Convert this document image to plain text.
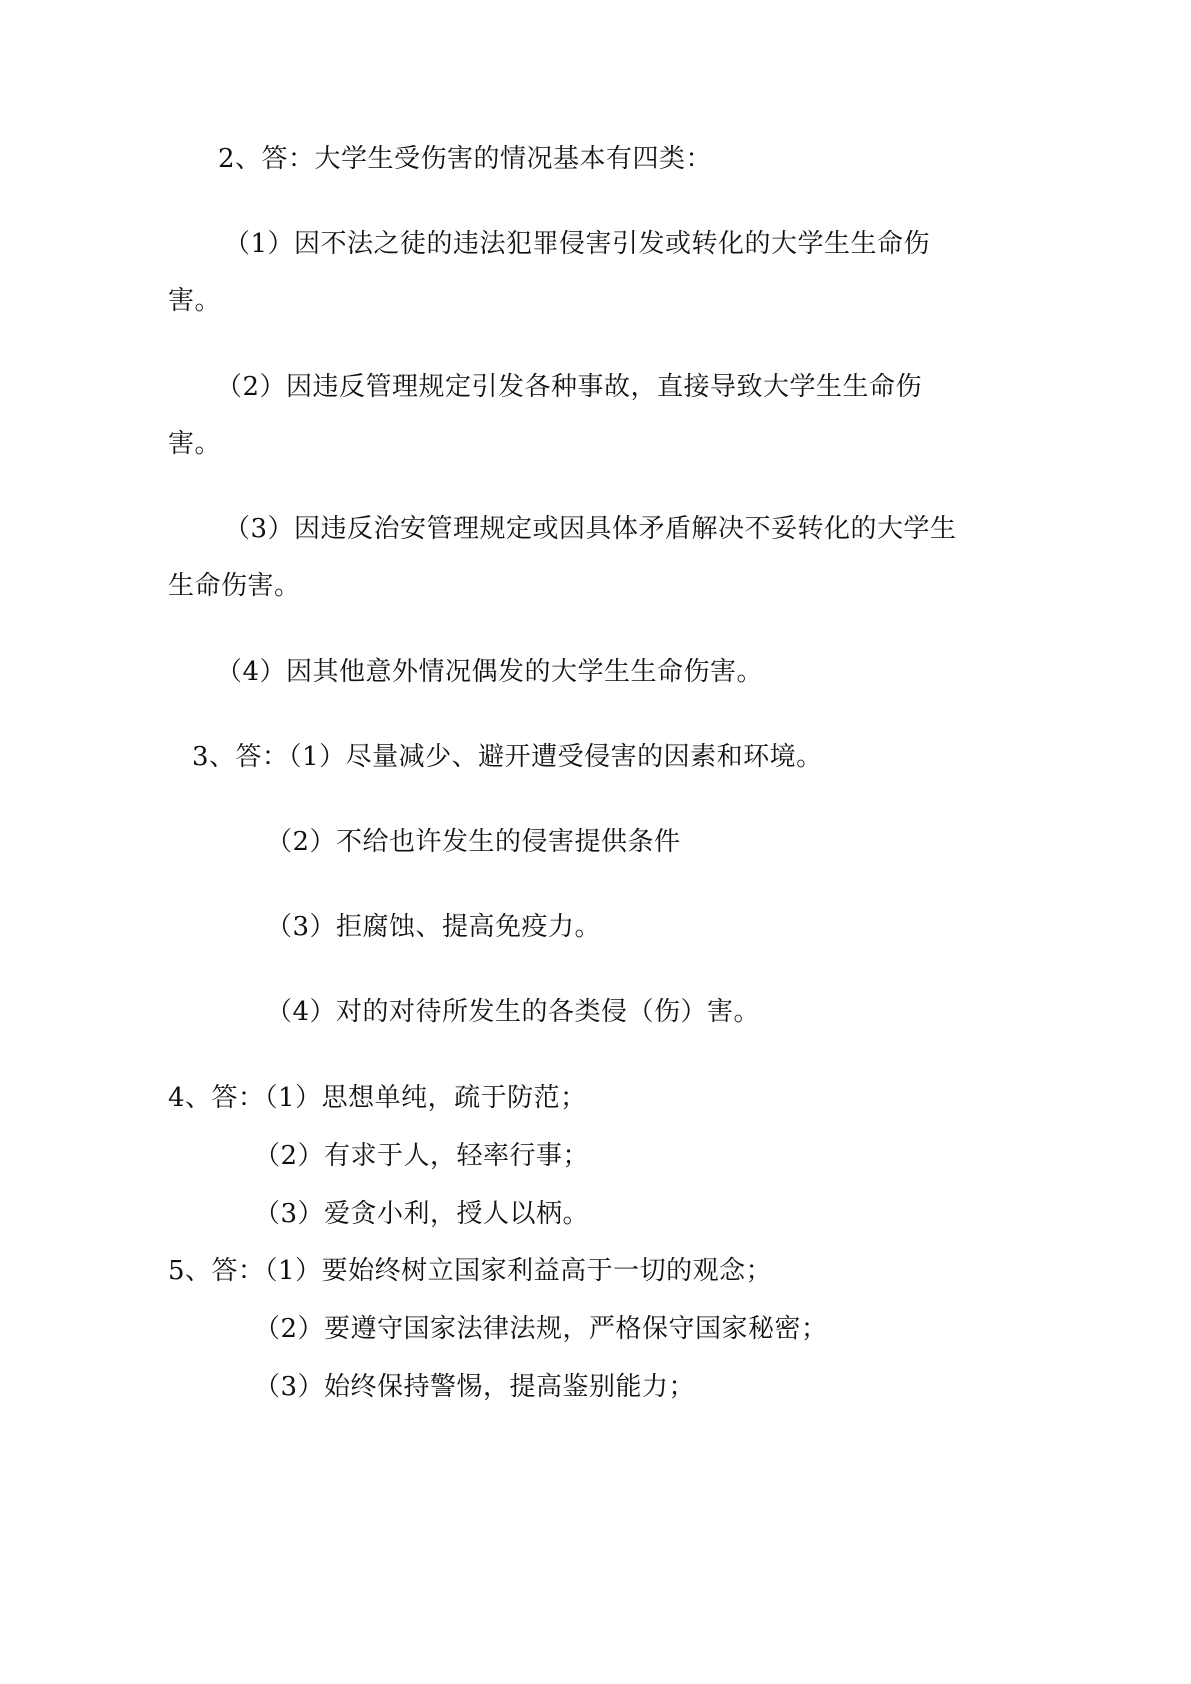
2、答：大学生受伤害的情况基本有四类：
（1）因不法之徒的违法犯罪侵害引发或转化的大学生生命伤
害。
（2）因违反管理规定引发各种事故，直接导致大学生生命伤
害。
（3）因违反治安管理规定或因具体矛盾解决不妥转化的大学生
生命伤害。
（4）因其他意外情况偶发的大学生生命伤害。
3、答：（1）尽量减少、避开遭受侵害的因素和环境。
（2）不给也许发生的侵害提供条件
（3）拒腐蚀、提高免疫力。
（4）对的对待所发生的各类侵（伤）害。
4、答：（1）思想单纯，疏于防范；
（2）有求于人，轻率行事；
（3）爱贪小利，授人以柄。
5、答：（1）要始终树立国家利益高于一切的观念；
（2）要遵守国家法律法规，严格保守国家秘密；
（3）始终保持警惕，提高鉴别能力；
